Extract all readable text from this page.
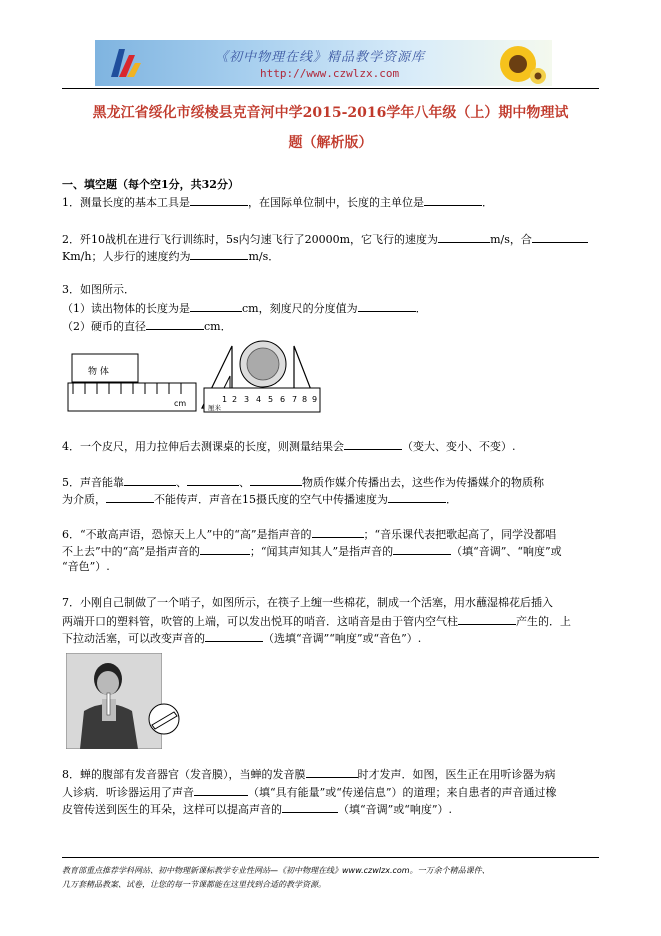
《初中物理在线》精品教学资源库
http://www.czwlzx.com
黑龙江省绥化市绥棱县克音河中学2015-2016学年八年级（上）期中物理试
题（解析版）
一、填空题（每个空1分，共32分）
1．测量长度的基本工具是	，在国际单位制中，长度的主单位是	．
2．歼10战机在进行飞行训练时，5s内匀速飞行了20000m，它飞行的速度为	m/s，合
Km/h；人步行的速度约为	m/s．
3．如图所示．
（1）读出物体的长度为是	cm，刻度尺的分度值为	．
（2）硬币的直径	cm．
物 体
cm	厘米
1 2 3 4 5 6 7 8 9
4．一个皮尺，用力拉伸后去测课桌的长度，则测量结果会	（变大、变小、不变）.
5．声音能靠	、	、	物质作媒介传播出去，这些作为传播媒介的物质称
为介质，	不能传声．声音在15摄氏度的空气中传播速度为	．
6．“不敢高声语，恐惊天上人”中的“高”是指声音的	；“音乐课代表把歌起高了，同学没都唱
不上去”中的“高”是指声音的	；“闻其声知其人”是指声音的	（填“音调”、“响度”或
“音色”）.
7．小刚自己制做了一个哨子，如图所示，在筷子上缠一些棉花，制成一个活塞，用水蘸湿棉花后插入
两端开口的塑料管，吹管的上端，可以发出悦耳的哨音．这哨音是由于管内空气柱	产生的．上
下拉动活塞，可以改变声音的	（选填“音调”“响度”或“音色”）.
8．蝉的腹部有发音器官（发音膜），当蝉的发音膜	时才发声．如图，医生正在用听诊器为病
人诊病．听诊器运用了声音	（填“具有能量”或“传递信息”）的道理；来自患者的声音通过橡
皮管传送到医生的耳朵，这样可以提高声音的	（填“音调”或“响度”）.
教育部重点推荐学科网站、初中物理新课标教学专业性网站—《初中物理在线》www.czwlzx.com。一万余个精品课件、
几万套精品教案、试卷，让您的每一节课都能在这里找到合适的教学资源。
